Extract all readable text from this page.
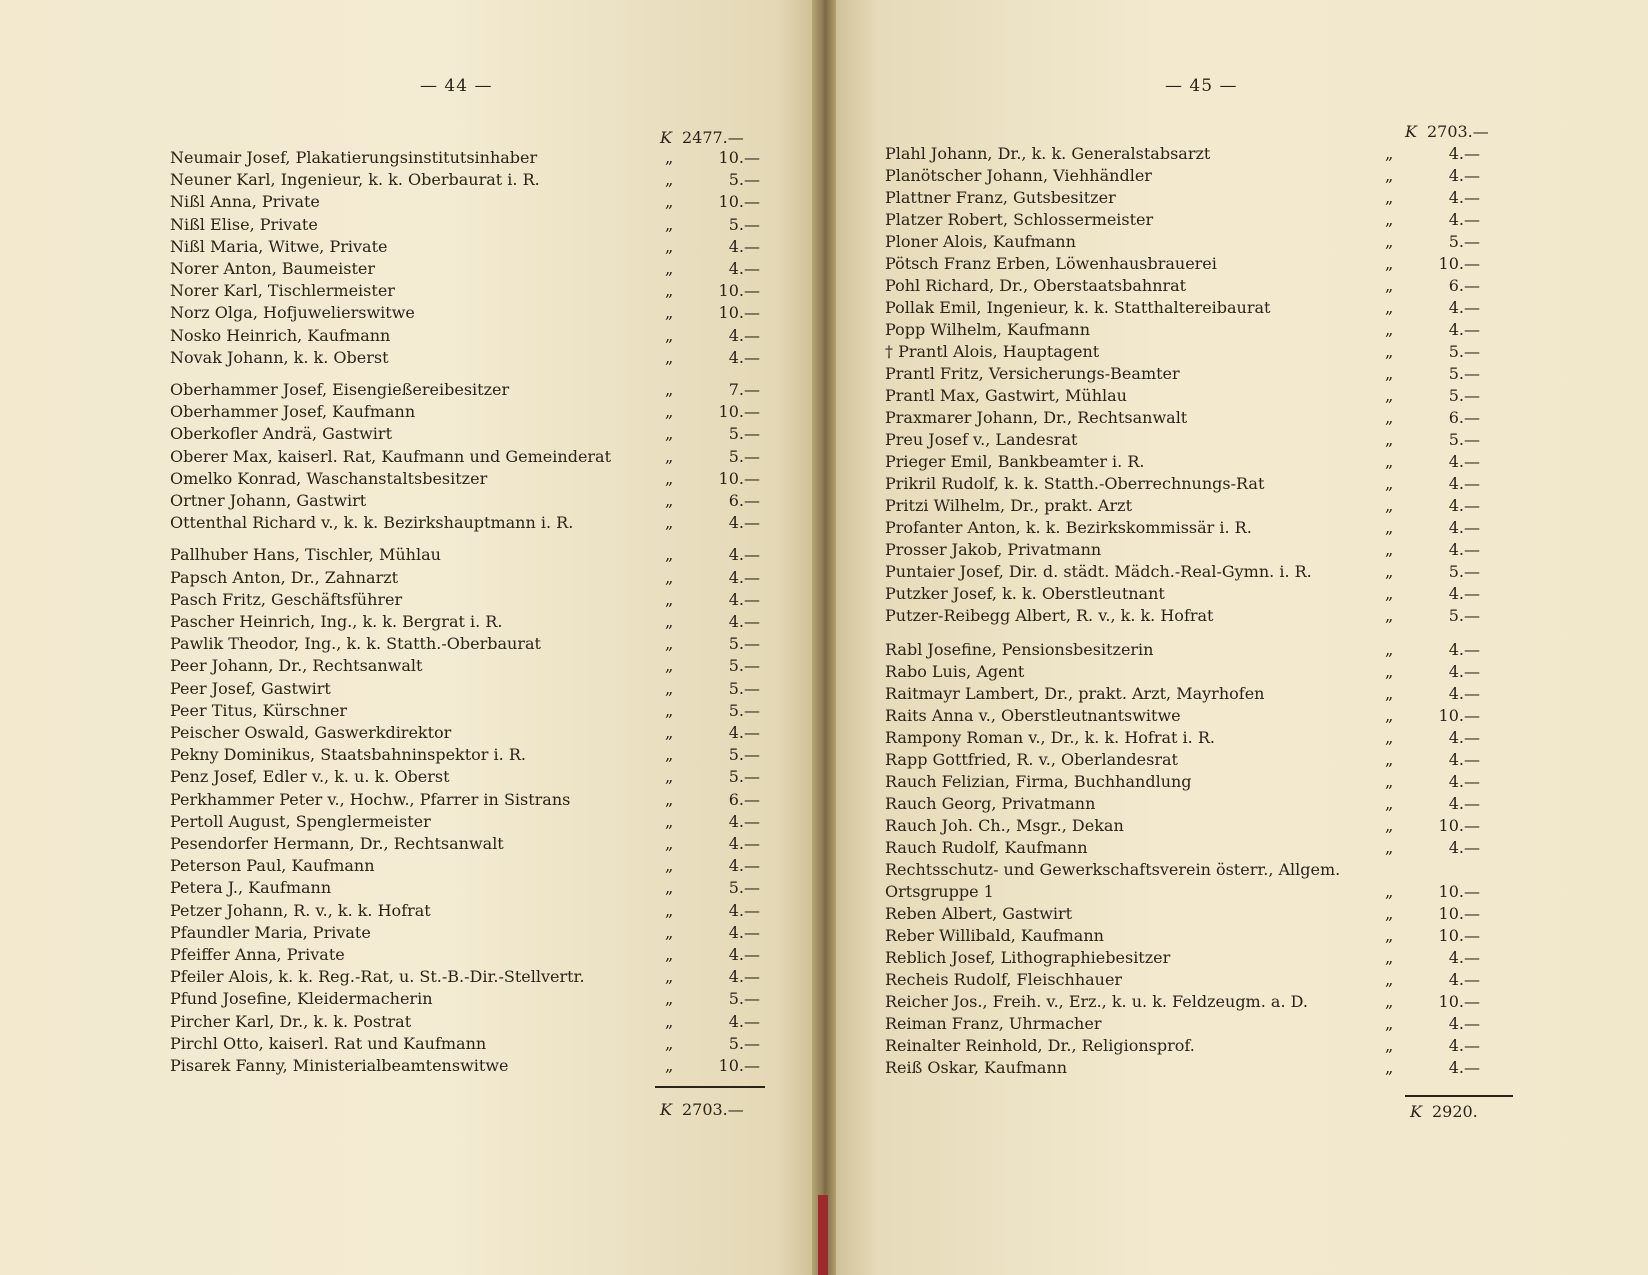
— 44 —
K 2477.—
Neumair Josef, Plakatierungsinstitutsinhaber	„	10. —
Neuner Karl, Ingenieur, k. k. Oberbaurat i. R.	„	5. —
Nißl Anna, Private	„	10. —
Nißl Elise, Private	„	5. —
Nißl Maria, Witwe, Private	„	4. —
Norer Anton, Baumeister	„	4. —
Norer Karl, Tischlermeister	„	10. —
Norz Olga, Hofjuwelierswitwe	„	10. —
Nosko Heinrich, Kaufmann	„	4. —
Novak Johann, k. k. Oberst	„	4. —
Oberhammer Josef, Eisengießereibesitzer	„	7. —
Oberhammer Josef, Kaufmann	„	10. —
Oberkofler Andrä, Gastwirt	„	5. —
Oberer Max, kaiserl. Rat, Kaufmann und Gemeinderat	„	5. —
Omelko Konrad, Waschanstaltsbesitzer	„	10. —
Ortner Johann, Gastwirt	„	6. —
Ottenthal Richard v., k. k. Bezirkshauptmann i. R.	„	4. —
Pallhuber Hans, Tischler, Mühlau	„	4. —
Papsch Anton, Dr., Zahnarzt	„	4. —
Pasch Fritz, Geschäftsführer	„	4. —
Pascher Heinrich, Ing., k. k. Bergrat i. R.	„	4. —
Pawlik Theodor, Ing., k. k. Statth.-Oberbaurat	„	5. —
Peer Johann, Dr., Rechtsanwalt	„	5. —
Peer Josef, Gastwirt	„	5. —
Peer Titus, Kürschner	„	5. —
Peischer Oswald, Gaswerkdirektor	„	4. —
Pekny Dominikus, Staatsbahninspektor i. R.	„	5. —
Penz Josef, Edler v., k. u. k. Oberst	„	5. —
Perkhammer Peter v., Hochw., Pfarrer in Sistrans	„	6. —
Pertoll August, Spenglermeister	„	4. —
Pesendorfer Hermann, Dr., Rechtsanwalt	„	4. —
Peterson Paul, Kaufmann	„	4. —
Petera J., Kaufmann	„	5. —
Petzer Johann, R. v., k. k. Hofrat	„	4. —
Pfaundler Maria, Private	„	4. —
Pfeiffer Anna, Private	„	4. —
Pfeiler Alois, k. k. Reg.-Rat, u. St.-B.-Dir.-Stellvertr.	„	4. —
Pfund Josefine, Kleidermacherin	„	5. —
Pircher Karl, Dr., k. k. Postrat	„	4. —
Pirchl Otto, kaiserl. Rat und Kaufmann	„	5. —
Pisarek Fanny, Ministerialbeamtenswitwe	„	10. —
K 2703.—
— 45 —
K 2703.—
Plahl Johann, Dr., k. k. Generalstabsarzt	„	4. —
Planötscher Johann, Viehhändler	„	4. —
Plattner Franz, Gutsbesitzer	„	4. —
Platzer Robert, Schlossermeister	„	4. —
Ploner Alois, Kaufmann	„	5. —
Pötsch Franz Erben, Löwenhausbrauerei	„	10. —
Pohl Richard, Dr., Oberstaatsbahnrat	„	6. —
Pollak Emil, Ingenieur, k. k. Statthaltereibaurat	„	4. —
Popp Wilhelm, Kaufmann	„	4. —
† Prantl Alois, Hauptagent	„	5. —
Prantl Fritz, Versicherungs-Beamter	„	5. —
Prantl Max, Gastwirt, Mühlau	„	5. —
Praxmarer Johann, Dr., Rechtsanwalt	„	6. —
Preu Josef v., Landesrat	„	5. —
Prieger Emil, Bankbeamter i. R.	„	4. —
Prikril Rudolf, k. k. Statth.-Oberrechnungs-Rat	„	4. —
Pritzi Wilhelm, Dr., prakt. Arzt	„	4. —
Profanter Anton, k. k. Bezirkskommissär i. R.	„	4. —
Prosser Jakob, Privatmann	„	4. —
Puntaier Josef, Dir. d. städt. Mädch.-Real-Gymn. i. R.	„	5. —
Putzker Josef, k. k. Oberstleutnant	„	4. —
Putzer-Reibegg Albert, R. v., k. k. Hofrat	„	5. —
Rabl Josefine, Pensionsbesitzerin	„	4. —
Rabo Luis, Agent	„	4. —
Raitmayr Lambert, Dr., prakt. Arzt, Mayrhofen	„	4. —
Raits Anna v., Oberstleutnantswitwe	„	10. —
Rampony Roman v., Dr., k. k. Hofrat i. R.	„	4. —
Rapp Gottfried, R. v., Oberlandesrat	„	4. —
Rauch Felizian, Firma, Buchhandlung	„	4. —
Rauch Georg, Privatmann	„	4. —
Rauch Joh. Ch., Msgr., Dekan	„	10. —
Rauch Rudolf, Kaufmann	„	4. —
Rechtsschutz- und Gewerkschaftsverein österr., Allgem.
Ortsgruppe 1	„	10. —
Reben Albert, Gastwirt	„	10. —
Reber Willibald, Kaufmann	„	10. —
Reblich Josef, Lithographiebesitzer	„	4. —
Recheis Rudolf, Fleischhauer	„	4. —
Reicher Jos., Freih. v., Erz., k. u. k. Feldzeugm. a. D.	„	10. —
Reiman Franz, Uhrmacher	„	4. —
Reinalter Reinhold, Dr., Religionsprof.	„	4. —
Reiß Oskar, Kaufmann	„	4. —
K 2920.
